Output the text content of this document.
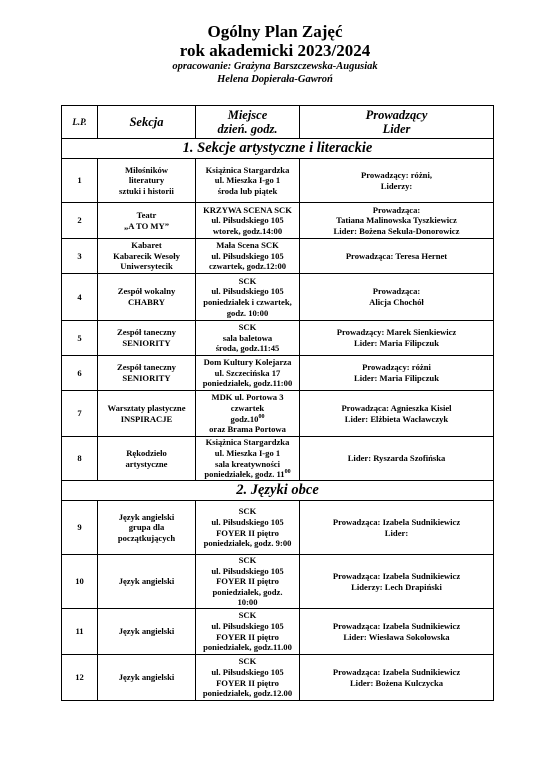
Ogólny Plan Zajęć
rok akademicki 2023/2024
opracowanie: Grażyna Barszczewska-Augusiak
Helena Dopierała-Gawroń
L.P.	Sekcja	Miejsce
dzień. godz.	Prowadzący
Lider

1. Sekcje artystyczne i literackie			
1	Miłośników
literatury
sztuki i historii	Książnica Stargardzka
ul. Mieszka I-go 1
środa lub piątek	Prowadzący: różni,
Liderzy:

2	Teatr
„A TO MY”	KRZYWA SCENA SCK
ul. Piłsudskiego 105
wtorek, godz.14:00	Prowadząca:
Tatiana Malinowska Tyszkiewicz
Lider: Bożena Sekula-Donorowicz

3	Kabaret
Kabarecik Wesoły
Uniwersytecik	Mała Scena SCK
ul. Piłsudskiego 105
czwartek, godz.12:00	Prowadząca: Teresa Hernet

4	Zespół wokalny
CHABRY	SCK
ul. Piłsudskiego 105
poniedziałek i czwartek,
godz. 10:00	Prowadząca:
Alicja Chochół

5	Zespół taneczny
SENIORITY	SCK
sala baletowa
środa, godz.11:45	Prowadzący: Marek Sienkiewicz
Lider: Maria Filipczuk

6	Zespół taneczny
SENIORITY	Dom Kultury Kolejarza
ul. Szczecińska 17
poniedziałek, godz.11:00	Prowadzący: różni
Lider: Maria Filipczuk

7	Warsztaty plastyczne
INSPIRACJE	MDK ul. Portowa 3
czwartek
$godz.10^{00}$
oraz Brama Portowa	Prowadząca: Agnieszka Kisiel
Lider: Elżbieta Wacławczyk

8	Rękodzieło
artystyczne	Książnica Stargardzka
ul. Mieszka I-go 1
sala kreatywności
poniedziałek, godz. $11^{00}$	Lider: Ryszarda Szofińska

2. Języki obce			
9	Język angielski
grupa dla
początkujących	SCK
ul. Piłsudskiego 105
FOYER II piętro
poniedziałek, godz. 9:00	Prowadząca: Izabela Sudnikiewicz
Lider:

10	Język angielski	SCK
ul. Piłsudskiego 105
FOYER II piętro
poniedziałek, godz.
10:00	Prowadząca: Izabela Sudnikiewicz
Liderzy: Lech Drapiński

11	Język angielski	SCK
ul. Piłsudskiego 105
FOYER II piętro
poniedziałek, godz.11.00	Prowadząca: Izabela Sudnikiewicz
Lider: Wiesława Sokołowska

12	Język angielski	SCK
ul. Piłsudskiego 105
FOYER II piętro
poniedziałek, godz.12.00	Prowadząca: Izabela Sudnikiewicz
Lider: Bożena Kulczycka
